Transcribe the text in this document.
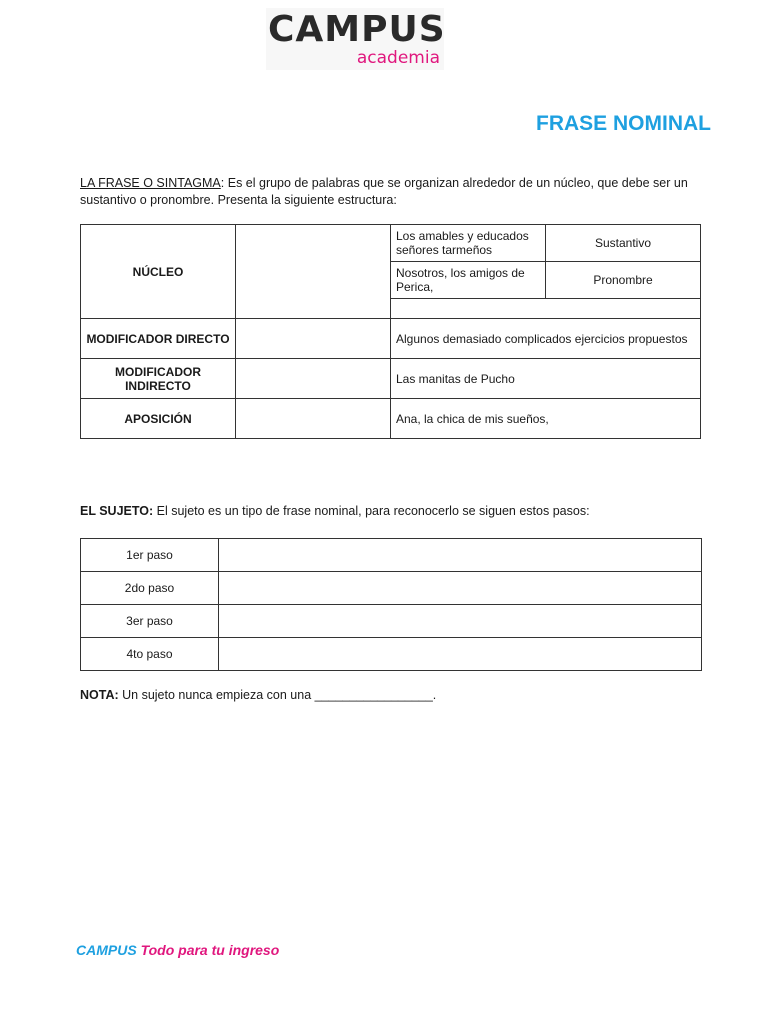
CAMPUS
academia
FRASE NOMINAL
LA FRASE O SINTAGMA: Es el grupo de palabras que se organizan alrededor de un núcleo, que debe ser un sustantivo o pronombre. Presenta la siguiente estructura:
NÚCLEO		Los amables y educados señores tarmeños	Sustantivo
		Nosotros, los amigos de Perica,	Pronombre

MODIFICADOR DIRECTO		Algunos demasiado complicados ejercicios propuestos	
MODIFICADOR INDIRECTO		Las manitas de Pucho	
APOSICIÓN		Ana, la chica de mis sueños,	
EL SUJETO: El sujeto es un tipo de frase nominal, para reconocerlo se siguen estos pasos:
1er paso	
2do paso	
3er paso	
4to paso	
NOTA: Un sujeto nunca empieza con una _________________.
CAMPUS Todo para tu ingreso
